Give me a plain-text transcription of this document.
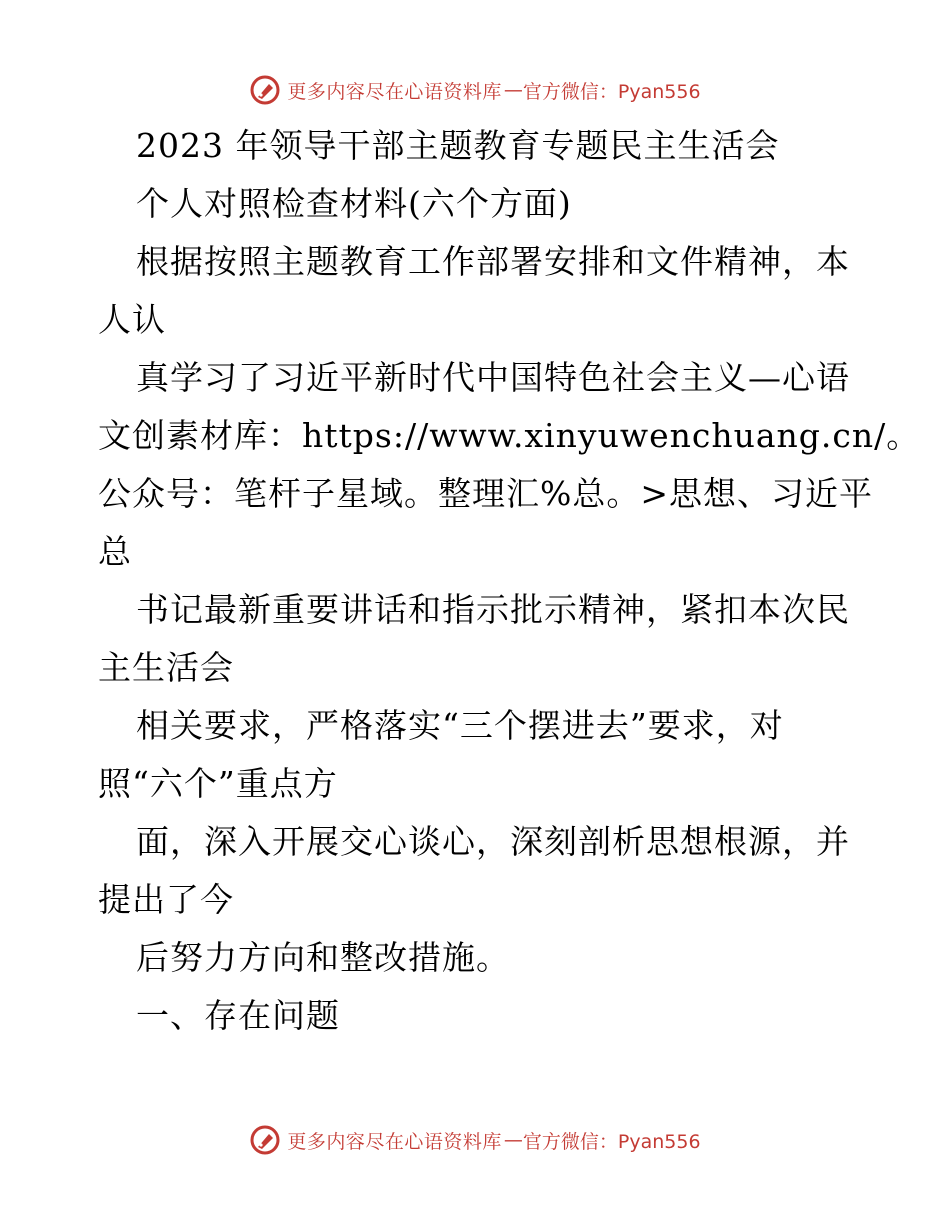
更多内容尽在心语资料库 — 官方微信：Pyan556
2023 年领导干部主题教育专题民主生活会
个人对照检查材料(六个方面)
根据按照主题教育工作部署安排和文件精神，本
人认
真学习了习近平新时代中国特色社会主义—心语
文创素材库：https://www.xinyuwenchuang.cn/。
公众号：笔杆子星域。整理汇%总。>思想、习近平
总
书记最新重要讲话和指示批示精神，紧扣本次民
主生活会
相关要求，严格落实“三个摆进去”要求，对
照“六个”重点方
面，深入开展交心谈心，深刻剖析思想根源，并
提出了今
后努力方向和整改措施。
一、存在问题
更多内容尽在心语资料库 — 官方微信：Pyan556
